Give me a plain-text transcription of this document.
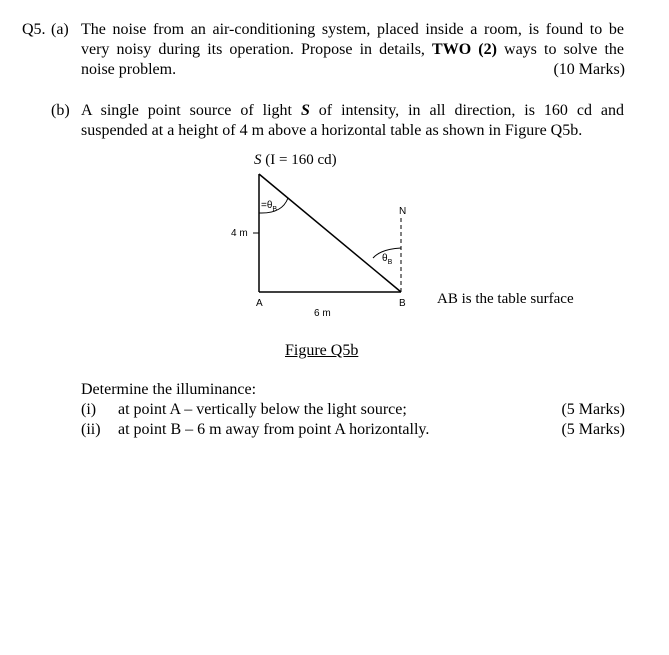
Q5. (a) The noise from an air-conditioning system, placed inside a room, is found to be
very noisy during its operation. Propose in details, TWO (2) ways to solve the
noise problem.	(10 Marks)
(b) A single point source of light S of intensity, in all direction, is 160 cd and
suspended at a height of 4 m above a horizontal table as shown in Figure Q5b.
S (I = 160 cd)
$=\theta_B$
$\theta_B$
4 m
N
A	B
6 m
AB is the table surface
Figure Q5b
Determine the illuminance:
(i) at point A – vertically below the light source;	(5 Marks)
(ii) at point B – 6 m away from point A horizontally.	(5 Marks)
